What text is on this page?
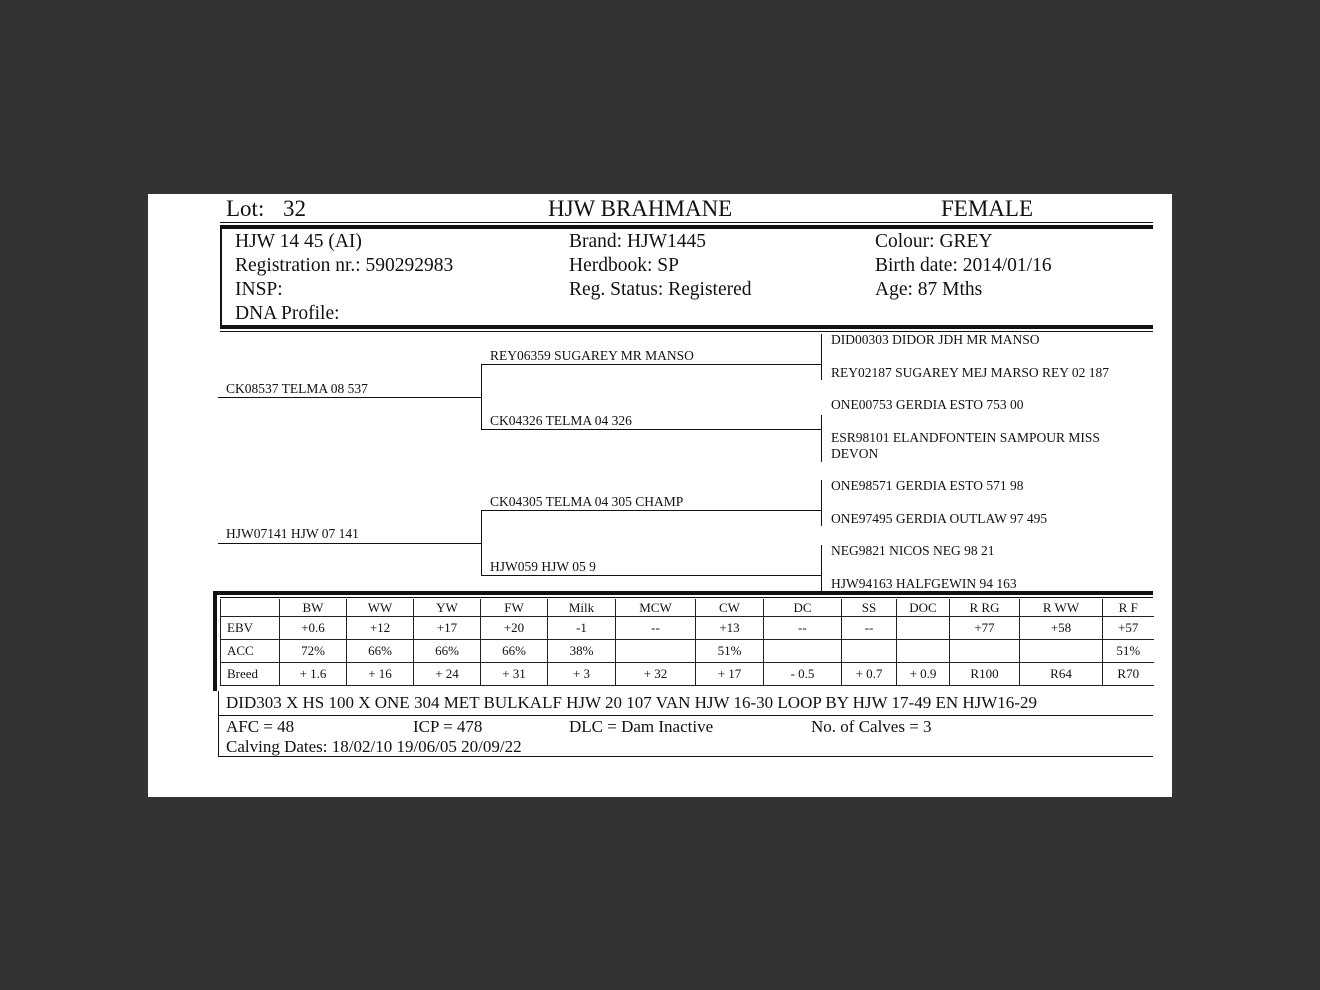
Lot: 32	HJW BRAHMANE	FEMALE
HJW 14 45 (AI)
Registration nr.: 590292983
INSP:
DNA Profile:
Brand: HJW1445
Herdbook: SP
Reg. Status: Registered
Colour: GREY
Birth date: 2014/01/16
Age: 87 Mths
CK08537 TELMA 08 537
HJW07141 HJW 07 141
REY06359 SUGAREY MR MANSO
CK04326 TELMA 04 326
CK04305 TELMA 04 305 CHAMP
HJW059 HJW 05 9
DID00303 DIDOR JDH MR MANSO
REY02187 SUGAREY MEJ MARSO REY 02 187
ONE00753 GERDIA ESTO 753 00
ESR98101 ELANDFONTEIN SAMPOUR MISS
DEVON
ONE98571 GERDIA ESTO 571 98
ONE97495 GERDIA OUTLAW 97 495
NEG9821 NICOS NEG 98 21
HJW94163 HALFGEWIN 94 163
	BW	WW	YW	FW	Milk	MCW	CW	DC	SS	DOC	R RG	R WW	R F
EBV	+0.6	+12	+17	+20	-1	--	+13	--	--		+77	+58	+57
ACC	72%	66%	66%	66%	38%		51%						51%
Breed	+ 1.6	+ 16	+ 24	+ 31	+ 3	+ 32	+ 17	- 0.5	+ 0.7	+ 0.9	R100	R64	R70
DID303 X HS 100 X ONE 304 MET BULKALF HJW 20 107 VAN HJW 16-30 LOOP BY HJW 17-49 EN HJW16-29
AFC = 48	ICP = 478	DLC = Dam Inactive	No. of Calves = 3
Calving Dates: 18/02/10 19/06/05 20/09/22
